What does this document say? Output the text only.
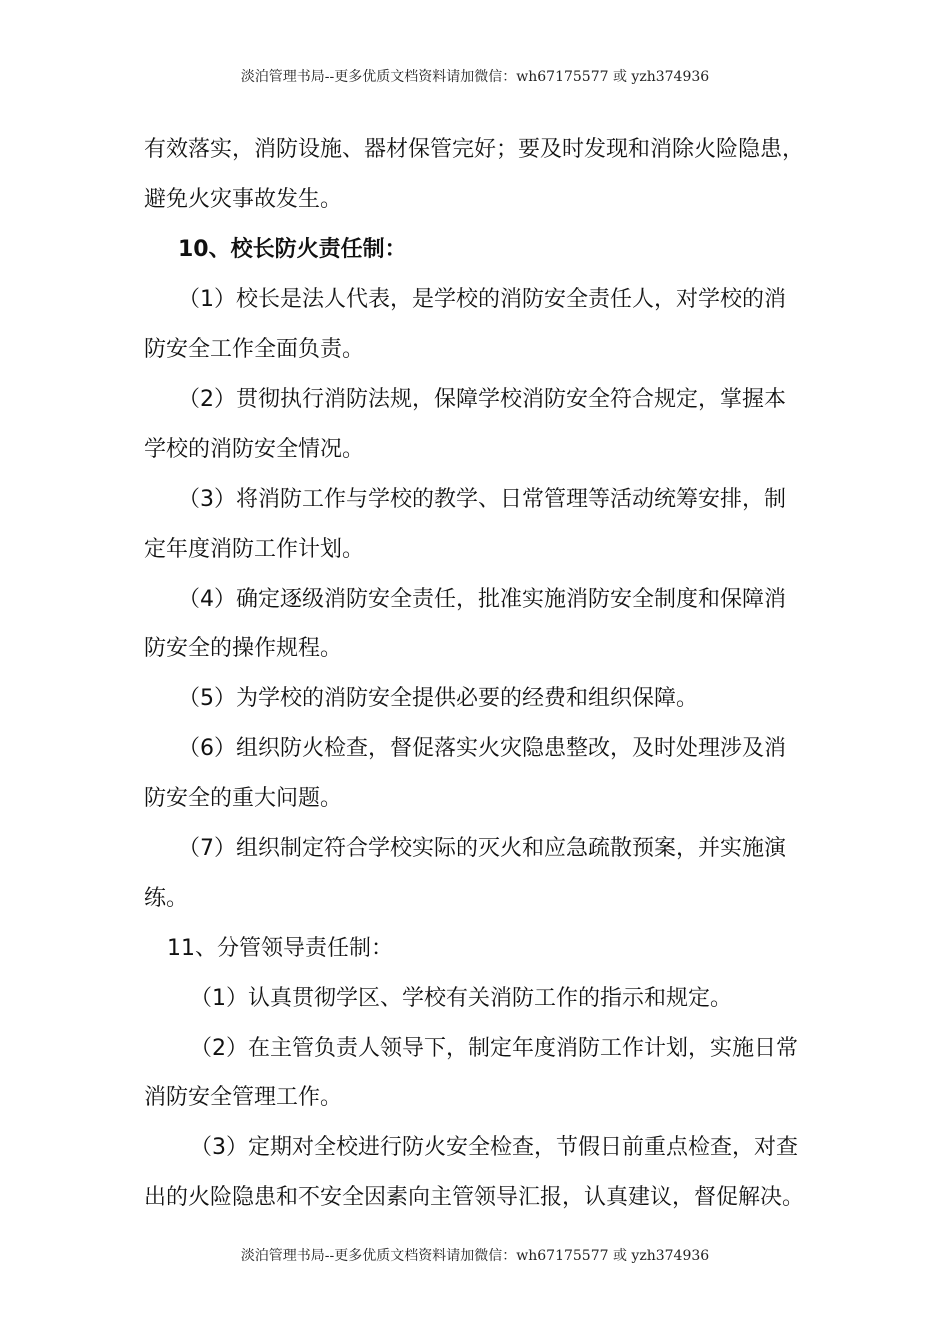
淡泊管理书局--更多优质文档资料请加微信：wh67175577 或 yzh374936
有效落实，消防设施、器材保管完好；要及时发现和消除火险隐患，
避免火灾事故发生。
10、校长防火责任制：
（1）校长是法人代表，是学校的消防安全责任人，对学校的消
防安全工作全面负责。
（2）贯彻执行消防法规，保障学校消防安全符合规定，掌握本
学校的消防安全情况。
（3）将消防工作与学校的教学、日常管理等活动统筹安排，制
定年度消防工作计划。
（4）确定逐级消防安全责任，批准实施消防安全制度和保障消
防安全的操作规程。
（5）为学校的消防安全提供必要的经费和组织保障。
（6）组织防火检查，督促落实火灾隐患整改，及时处理涉及消
防安全的重大问题。
（7）组织制定符合学校实际的灭火和应急疏散预案，并实施演
练。
11、分管领导责任制：
（1）认真贯彻学区、学校有关消防工作的指示和规定。
（2）在主管负责人领导下，制定年度消防工作计划，实施日常
消防安全管理工作。
（3）定期对全校进行防火安全检查，节假日前重点检查，对查
出的火险隐患和不安全因素向主管领导汇报，认真建议，督促解决。
淡泊管理书局--更多优质文档资料请加微信：wh67175577 或 yzh374936
